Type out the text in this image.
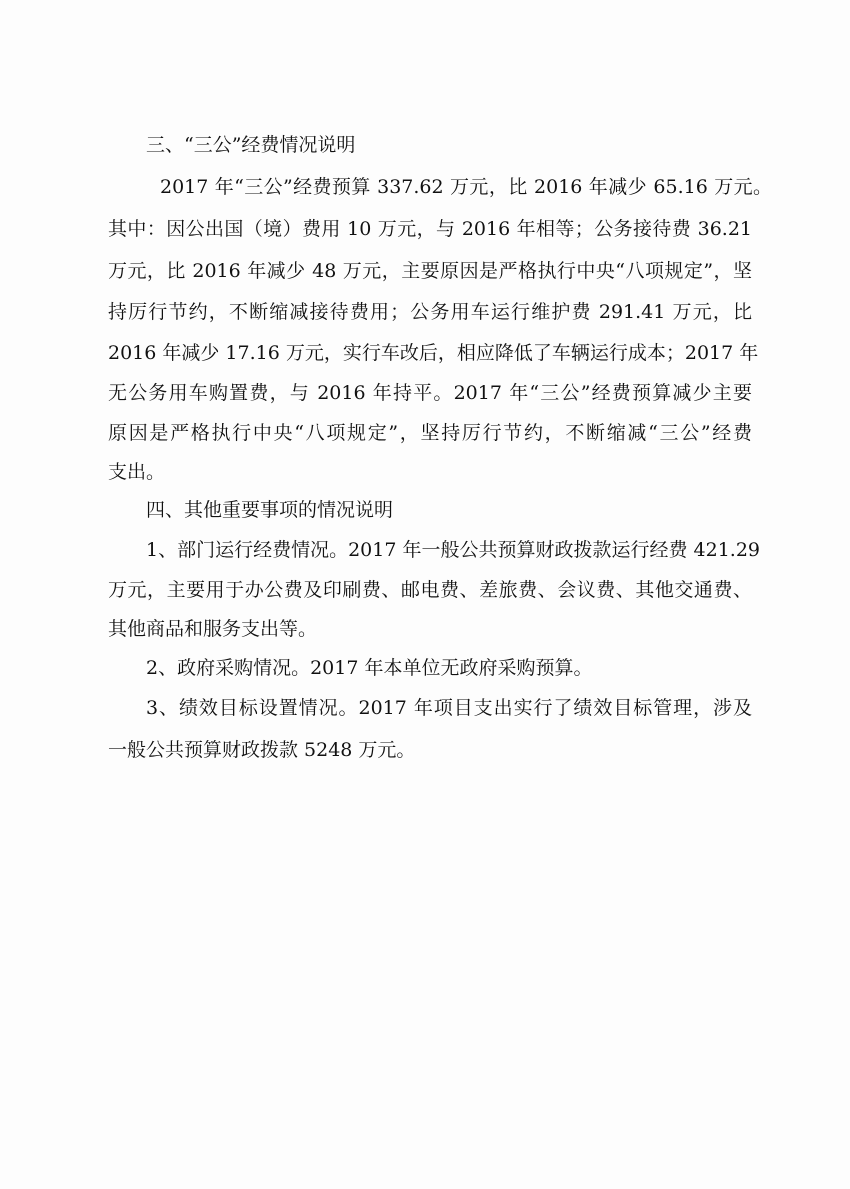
三、“三公”经费情况说明
2017 年“三公”经费预算 337.62 万元，比 2016 年减少 65.16 万元。
其中：因公出国（境）费用 10 万元，与 2016 年相等；公务接待费 36.21
万元，比 2016 年减少 48 万元，主要原因是严格执行中央“八项规定”，坚
持厉行节约，不断缩减接待费用；公务用车运行维护费 291.41 万元，比
2016 年减少 17.16 万元，实行车改后，相应降低了车辆运行成本；2017 年
无公务用车购置费，与 2016 年持平。2017 年“三公”经费预算减少主要
原因是严格执行中央“八项规定”，坚持厉行节约，不断缩减“三公”经费
支出。
四、其他重要事项的情况说明
1、部门运行经费情况。2017 年一般公共预算财政拨款运行经费 421.29
万元，主要用于办公费及印刷费、邮电费、差旅费、会议费、其他交通费、
其他商品和服务支出等。
2、政府采购情况。2017 年本单位无政府采购预算。
3、绩效目标设置情况。2017 年项目支出实行了绩效目标管理，涉及
一般公共预算财政拨款 5248 万元。
